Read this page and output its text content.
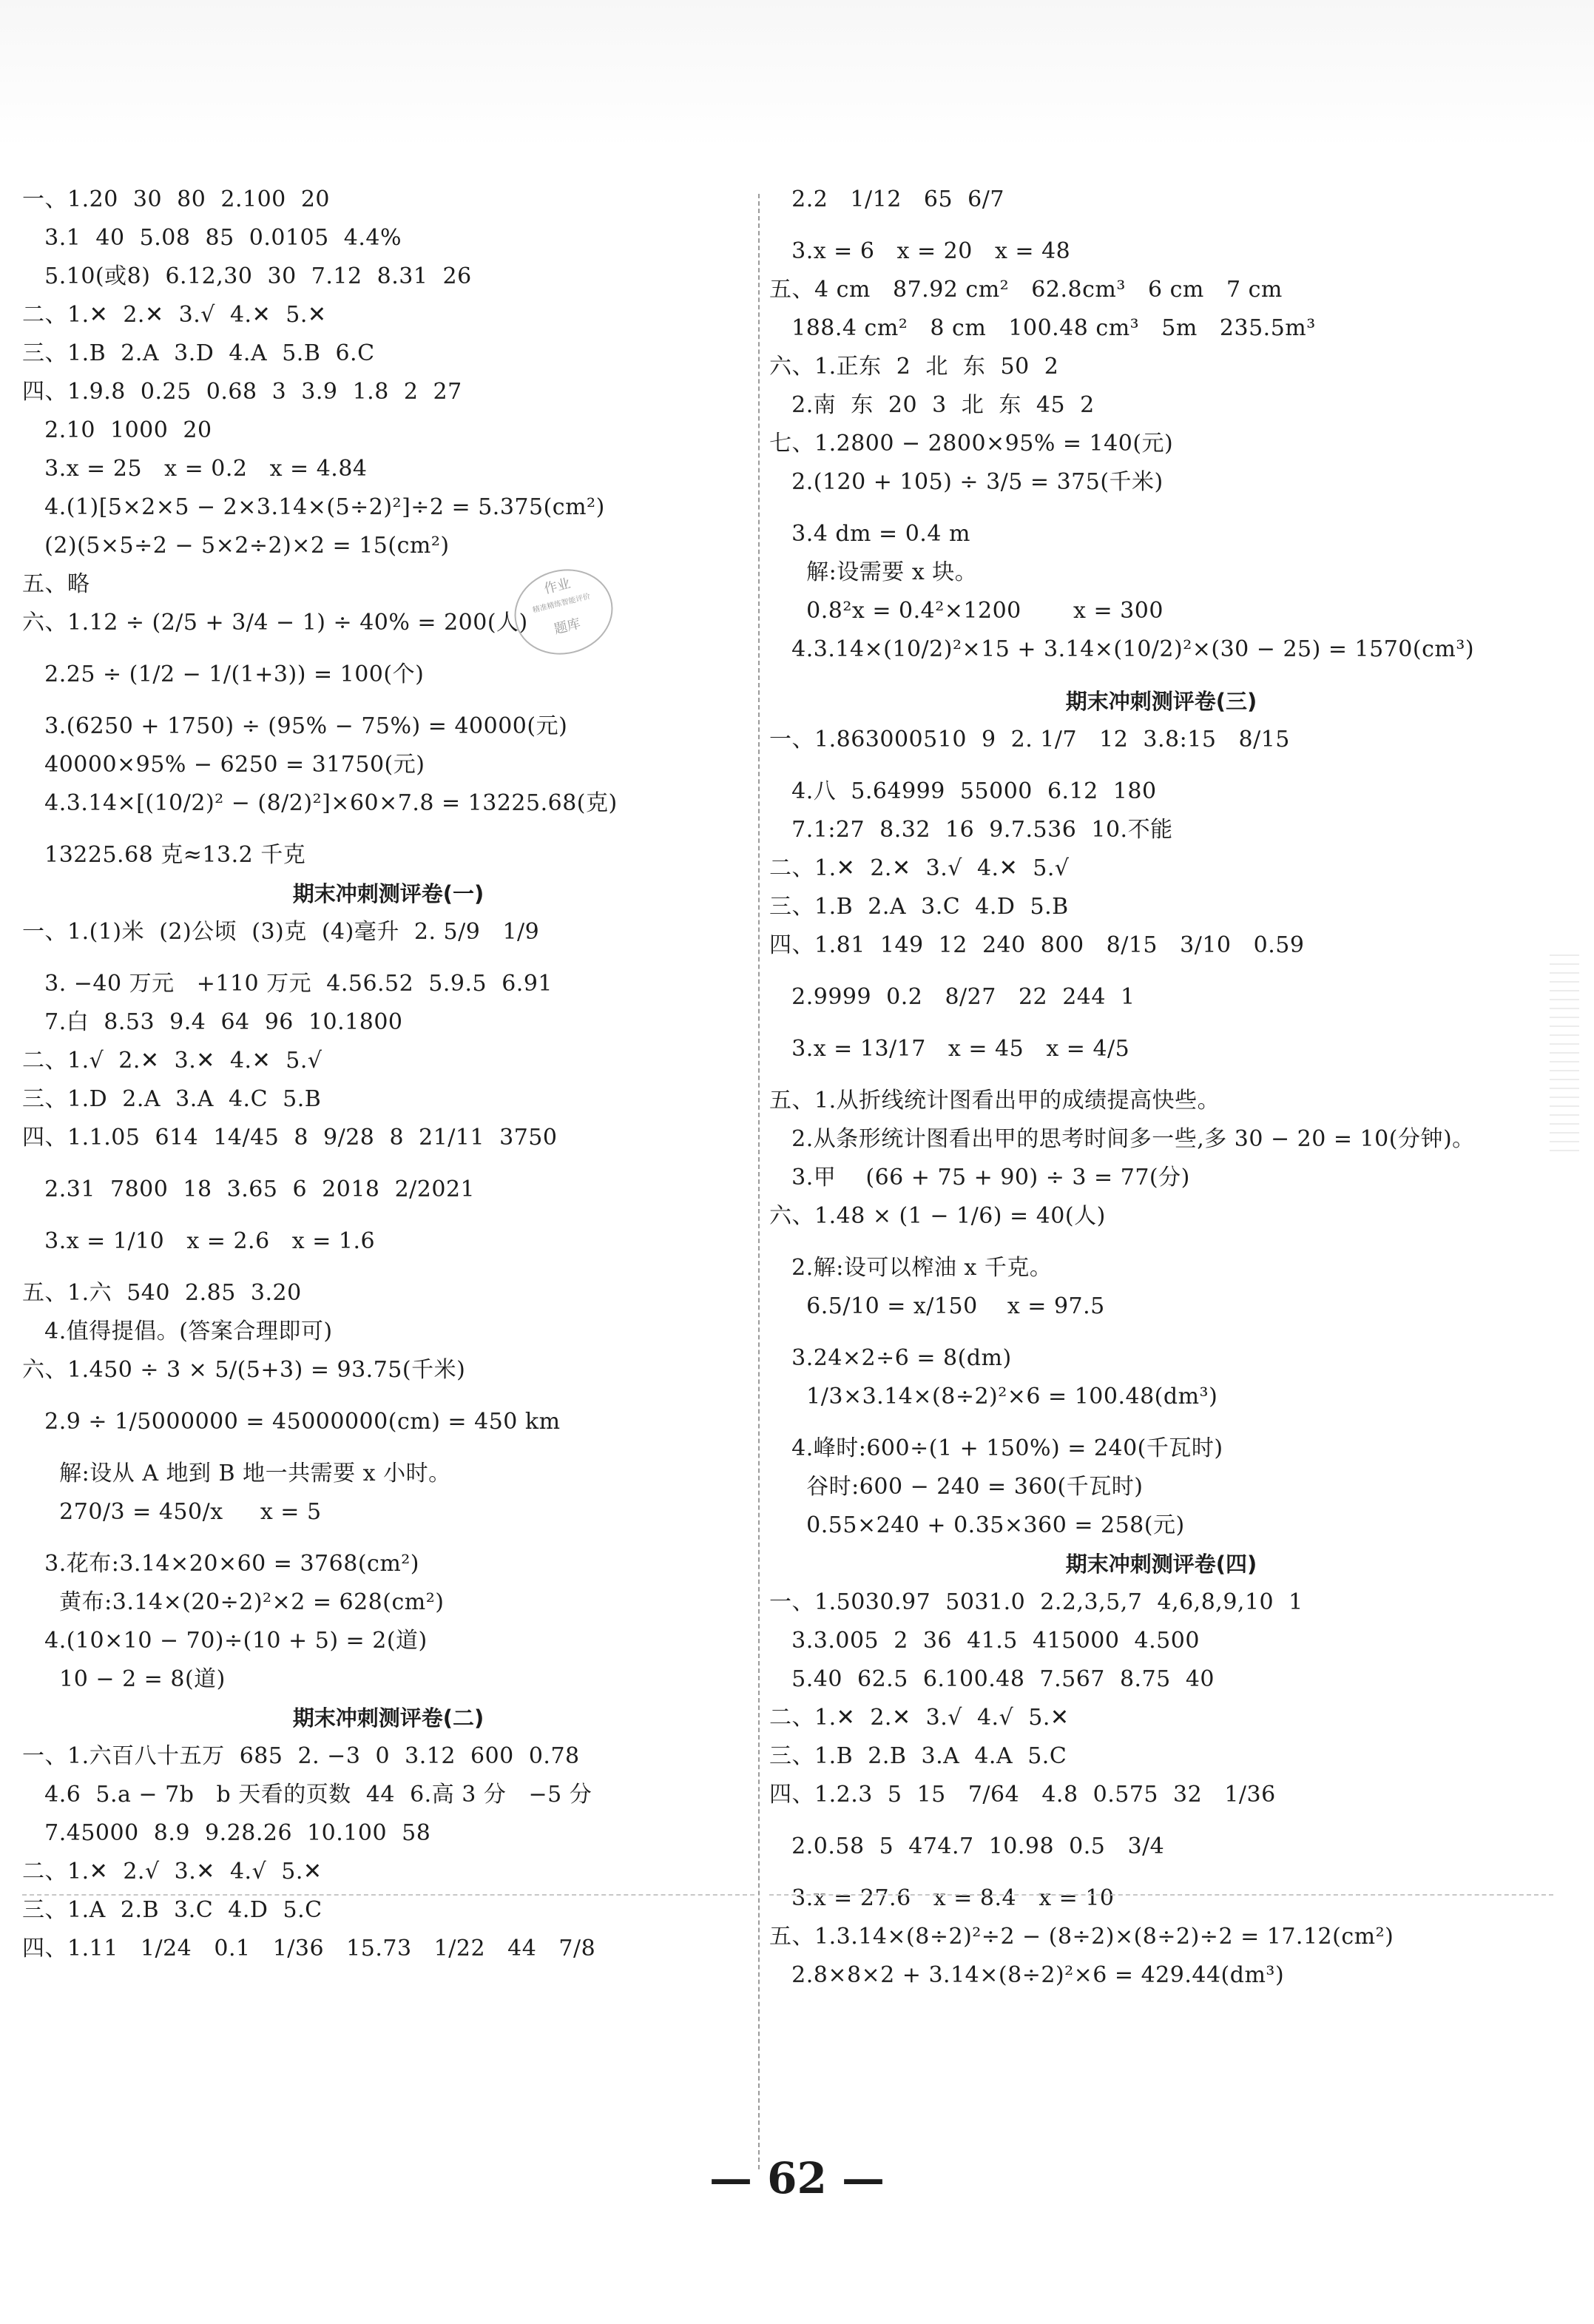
一、1.20  30  80  2.100  20
3.1  40  5.08  85  0.0105  4.4%
5.10(或8)  6.12,30  30  7.12  8.31  26
二、1.✕  2.✕  3.√  4.✕  5.✕
三、1.B  2.A  3.D  4.A  5.B  6.C
四、1.9.8  0.25  0.68  3  3.9  1.8  2  27
2.10  1000  20
3.x = 25   x = 0.2   x = 4.84
4.(1)[5×2×5 − 2×3.14×(5÷2)²]÷2 = 5.375(cm²)
(2)(5×5÷2 − 5×2÷2)×2 = 15(cm²)
五、略
六、1.12 ÷ (2/5 + 3/4 − 1) ÷ 40% = 200(人)
2.25 ÷ (1/2 − 1/(1+3)) = 100(个)
3.(6250 + 1750) ÷ (95% − 75%) = 40000(元)
40000×95% − 6250 = 31750(元)
4.3.14×[(10/2)² − (8/2)²]×60×7.8 = 13225.68(克)
13225.68 克≈13.2 千克
期末冲刺测评卷(一)
一、1.(1)米  (2)公顷  (3)克  (4)毫升  2. 5/9   1/9
3. −40 万元   +110 万元  4.56.52  5.9.5  6.91
7.白  8.53  9.4  64  96  10.1800
二、1.√  2.✕  3.✕  4.✕  5.√
三、1.D  2.A  3.A  4.C  5.B
四、1.1.05  614  14/45  8  9/28  8  21/11  3750
2.31  7800  18  3.65  6  2018  2/2021
3.x = 1/10   x = 2.6   x = 1.6
五、1.六  540  2.85  3.20
4.值得提倡。(答案合理即可)
六、1.450 ÷ 3 × 5/(5+3) = 93.75(千米)
2.9 ÷ 1/5000000 = 45000000(cm) = 450 km
解:设从 A 地到 B 地一共需要 x 小时。
270/3 = 450/x     x = 5
3.花布:3.14×20×60 = 3768(cm²)
黄布:3.14×(20÷2)²×2 = 628(cm²)
4.(10×10 − 70)÷(10 + 5) = 2(道)
10 − 2 = 8(道)
期末冲刺测评卷(二)
一、1.六百八十五万  685  2. −3  0  3.12  600  0.78
4.6  5.a − 7b   b 天看的页数  44  6.高 3 分   −5 分
7.45000  8.9  9.28.26  10.100  58
二、1.✕  2.√  3.✕  4.√  5.✕
三、1.A  2.B  3.C  4.D  5.C
四、1.11   1/24   0.1   1/36   15.73   1/22   44   7/8
2.2   1/12   65  6/7
3.x = 6   x = 20   x = 48
五、4 cm   87.92 cm²   62.8cm³   6 cm   7 cm
188.4 cm²   8 cm   100.48 cm³   5m   235.5m³
六、1.正东  2  北  东  50  2
2.南  东  20  3  北  东  45  2
七、1.2800 − 2800×95% = 140(元)
2.(120 + 105) ÷ 3/5 = 375(千米)
3.4 dm = 0.4 m
解:设需要 x 块。
0.8²x = 0.4²×1200       x = 300
4.3.14×(10/2)²×15 + 3.14×(10/2)²×(30 − 25) = 1570(cm³)
期末冲刺测评卷(三)
一、1.863000510  9  2. 1/7   12  3.8:15   8/15
4.八  5.64999  55000  6.12  180
7.1:27  8.32  16  9.7.536  10.不能
二、1.✕  2.✕  3.√  4.✕  5.√
三、1.B  2.A  3.C  4.D  5.B
四、1.81  149  12  240  800   8/15   3/10   0.59
2.9999  0.2   8/27   22  244  1
3.x = 13/17   x = 45   x = 4/5
五、1.从折线统计图看出甲的成绩提高快些。
2.从条形统计图看出甲的思考时间多一些,多 30 − 20 = 10(分钟)。
3.甲    (66 + 75 + 90) ÷ 3 = 77(分)
六、1.48 × (1 − 1/6) = 40(人)
2.解:设可以榨油 x 千克。
6.5/10 = x/150    x = 97.5
3.24×2÷6 = 8(dm)
1/3×3.14×(8÷2)²×6 = 100.48(dm³)
4.峰时:600÷(1 + 150%) = 240(千瓦时)
谷时:600 − 240 = 360(千瓦时)
0.55×240 + 0.35×360 = 258(元)
期末冲刺测评卷(四)
一、1.5030.97  5031.0  2.2,3,5,7  4,6,8,9,10  1
3.3.005  2  36  41.5  415000  4.500
5.40  62.5  6.100.48  7.567  8.75  40
二、1.✕  2.✕  3.√  4.√  5.✕
三、1.B  2.B  3.A  4.A  5.C
四、1.2.3  5  15   7/64   4.8  0.575  32   1/36
2.0.58  5  474.7  10.98  0.5   3/4
3.x = 27.6   x = 8.4   x = 10
五、1.3.14×(8÷2)²÷2 − (8÷2)×(8÷2)÷2 = 17.12(cm²)
2.8×8×2 + 3.14×(8÷2)²×6 = 429.44(dm³)
作业
精准精练智能评价
题库
— 62 —
